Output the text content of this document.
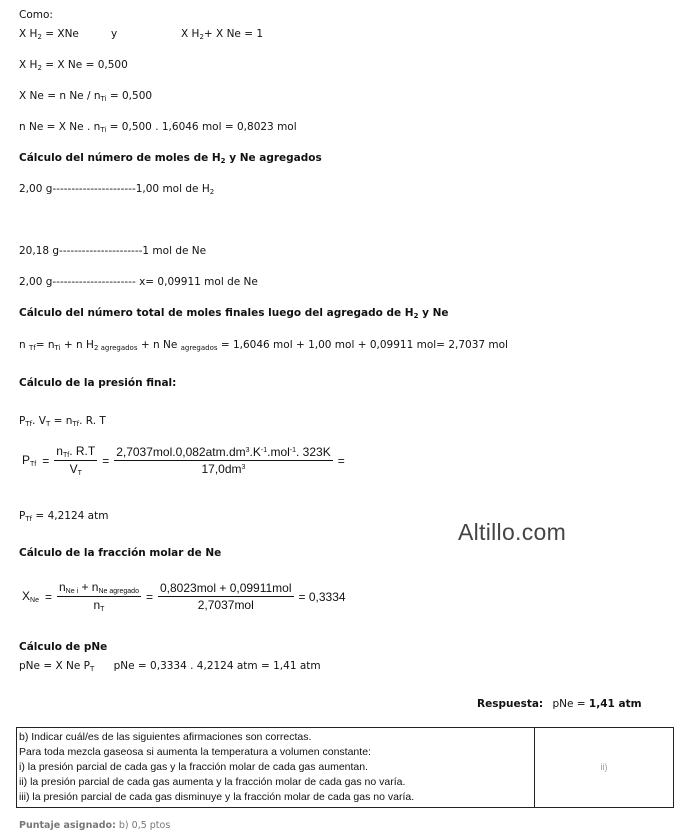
Como:
X $H_2$ = XNe	y	X $H_2+ X$ Ne = 1
X $H_2 = X$ Ne = 0,500
X Ne = n $Ne / n_{Ti} = 0,500$
n Ne = X Ne . $n_{Ti} = 0,500$ . 1,6046 mol = 0,8023 mol
Cálculo del número de moles de $H_2$ y Ne agregados
2,00 g----------------------1,00 mol de $H_2$
20,18 g----------------------1 mol de Ne
2,00 g---------------------- x= 0,09911 mol de Ne
Cálculo del número total de moles finales luego del agregado de $H_2$ y Ne
n $_{Tf}= n_{Ti} + n$ $H_{2 agregados} + n$ Ne $_{agregados}$ = 1,6046 mol + 1,00 mol + 0,09911 mol= 2,7037 mol
Cálculo de la presión final:
$P_{Tf}$. $V_T = n_{Tf}$. R. T
$P_{Tf} = \frac{n_{Tf}. R.T}{V_T} = \frac{2,7037mol.0,082atm.dm^3.K^{-1}.mol^{-1}. 323K}{17,0dm^3}$ =
$P_{Tf} = 4,2124$ atm
Altillo.com
Cálculo de la fracción molar de Ne
$X_{Ne} = \frac{n_{Ne i} + n_{Ne agregado}}{n_T} = \frac{\text{0,8023mol + 0,09911mol}}{\text{2,7037mol}} = 0,3334$
Cálculo de pNe
pNe = X Ne $P_T$ pNe = 0,3334 . 4,2124 atm = 1,41 atm
Respuesta: pNe = 1,41 atm
b) Indicar cuál/es de las siguientes afirmaciones son correctas.
Para toda mezcla gaseosa si aumenta la temperatura a volumen constante:
i) la presión parcial de cada gas y la fracción molar de cada gas aumentan.
ii) la presión parcial de cada gas aumenta y la fracción molar de cada gas no varía.
iii) la presión parcial de cada gas disminuye y la fracción molar de cada gas no varía.
	ii)
Puntaje asignado: b) 0,5 ptos
